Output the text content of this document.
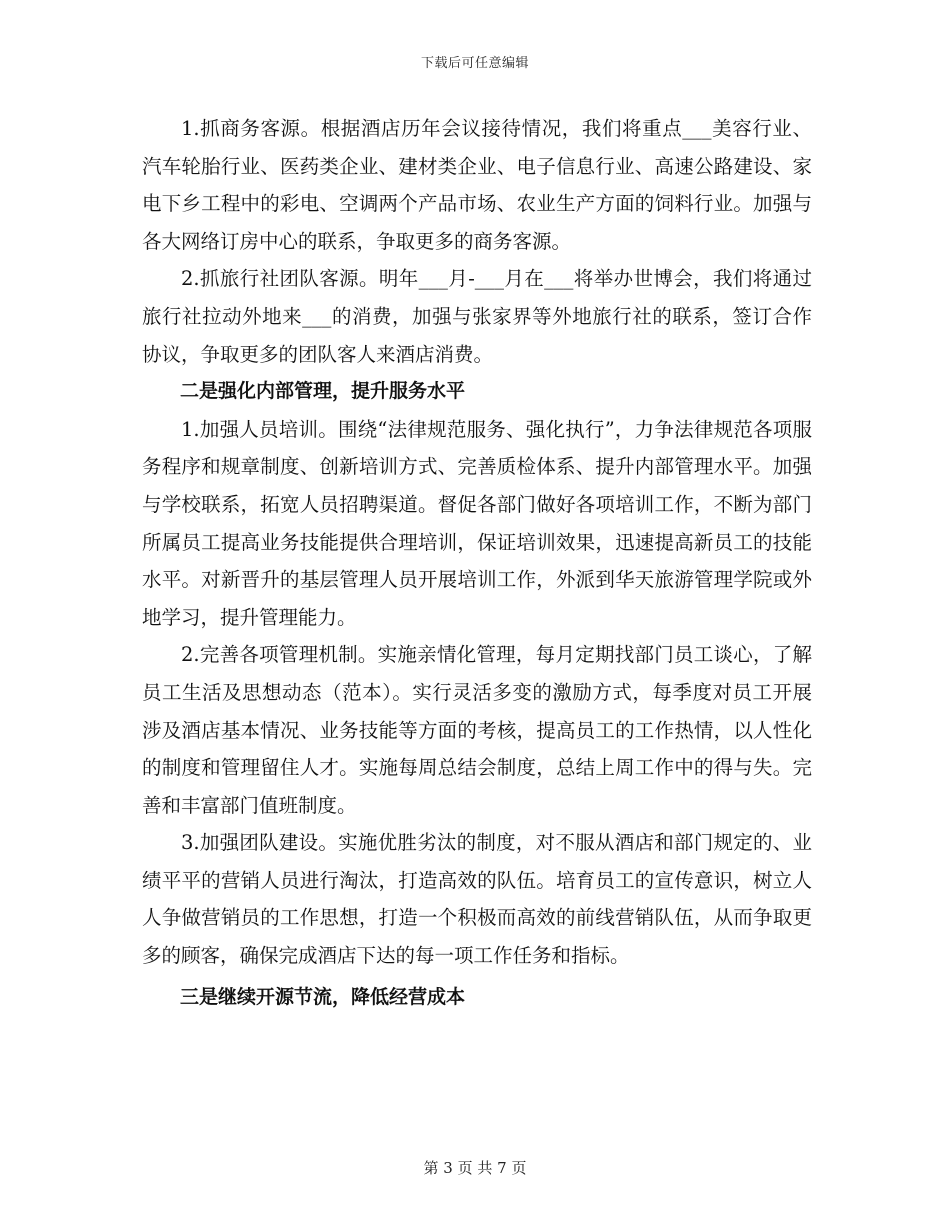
下载后可任意编辑

1.抓商务客源。根据酒店历年会议接待情况，我们将重点___美容行业、汽车轮胎行业、医药类企业、建材类企业、电子信息行业、高速公路建设、家电下乡工程中的彩电、空调两个产品市场、农业生产方面的饲料行业。加强与各大网络订房中心的联系，争取更多的商务客源。

2.抓旅行社团队客源。明年___月-___月在___将举办世博会，我们将通过旅行社拉动外地来___的消费，加强与张家界等外地旅行社的联系，签订合作协议，争取更多的团队客人来酒店消费。

二是强化内部管理，提升服务水平

1.加强人员培训。围绕“法律规范服务、强化执行”，力争法律规范各项服务程序和规章制度、创新培训方式、完善质检体系、提升内部管理水平。加强与学校联系，拓宽人员招聘渠道。督促各部门做好各项培训工作，不断为部门所属员工提高业务技能提供合理培训，保证培训效果，迅速提高新员工的技能水平。对新晋升的基层管理人员开展培训工作，外派到华天旅游管理学院或外地学习，提升管理能力。

2.完善各项管理机制。实施亲情化管理，每月定期找部门员工谈心，了解员工生活及思想动态（范本）。实行灵活多变的激励方式，每季度对员工开展涉及酒店基本情况、业务技能等方面的考核，提高员工的工作热情，以人性化的制度和管理留住人才。实施每周总结会制度，总结上周工作中的得与失。完善和丰富部门值班制度。

3.加强团队建设。实施优胜劣汰的制度，对不服从酒店和部门规定的、业绩平平的营销人员进行淘汰，打造高效的队伍。培育员工的宣传意识，树立人人争做营销员的工作思想，打造一个积极而高效的前线营销队伍，从而争取更多的顾客，确保完成酒店下达的每一项工作任务和指标。

三是继续开源节流，降低经营成本

第 3 页 共 7 页
